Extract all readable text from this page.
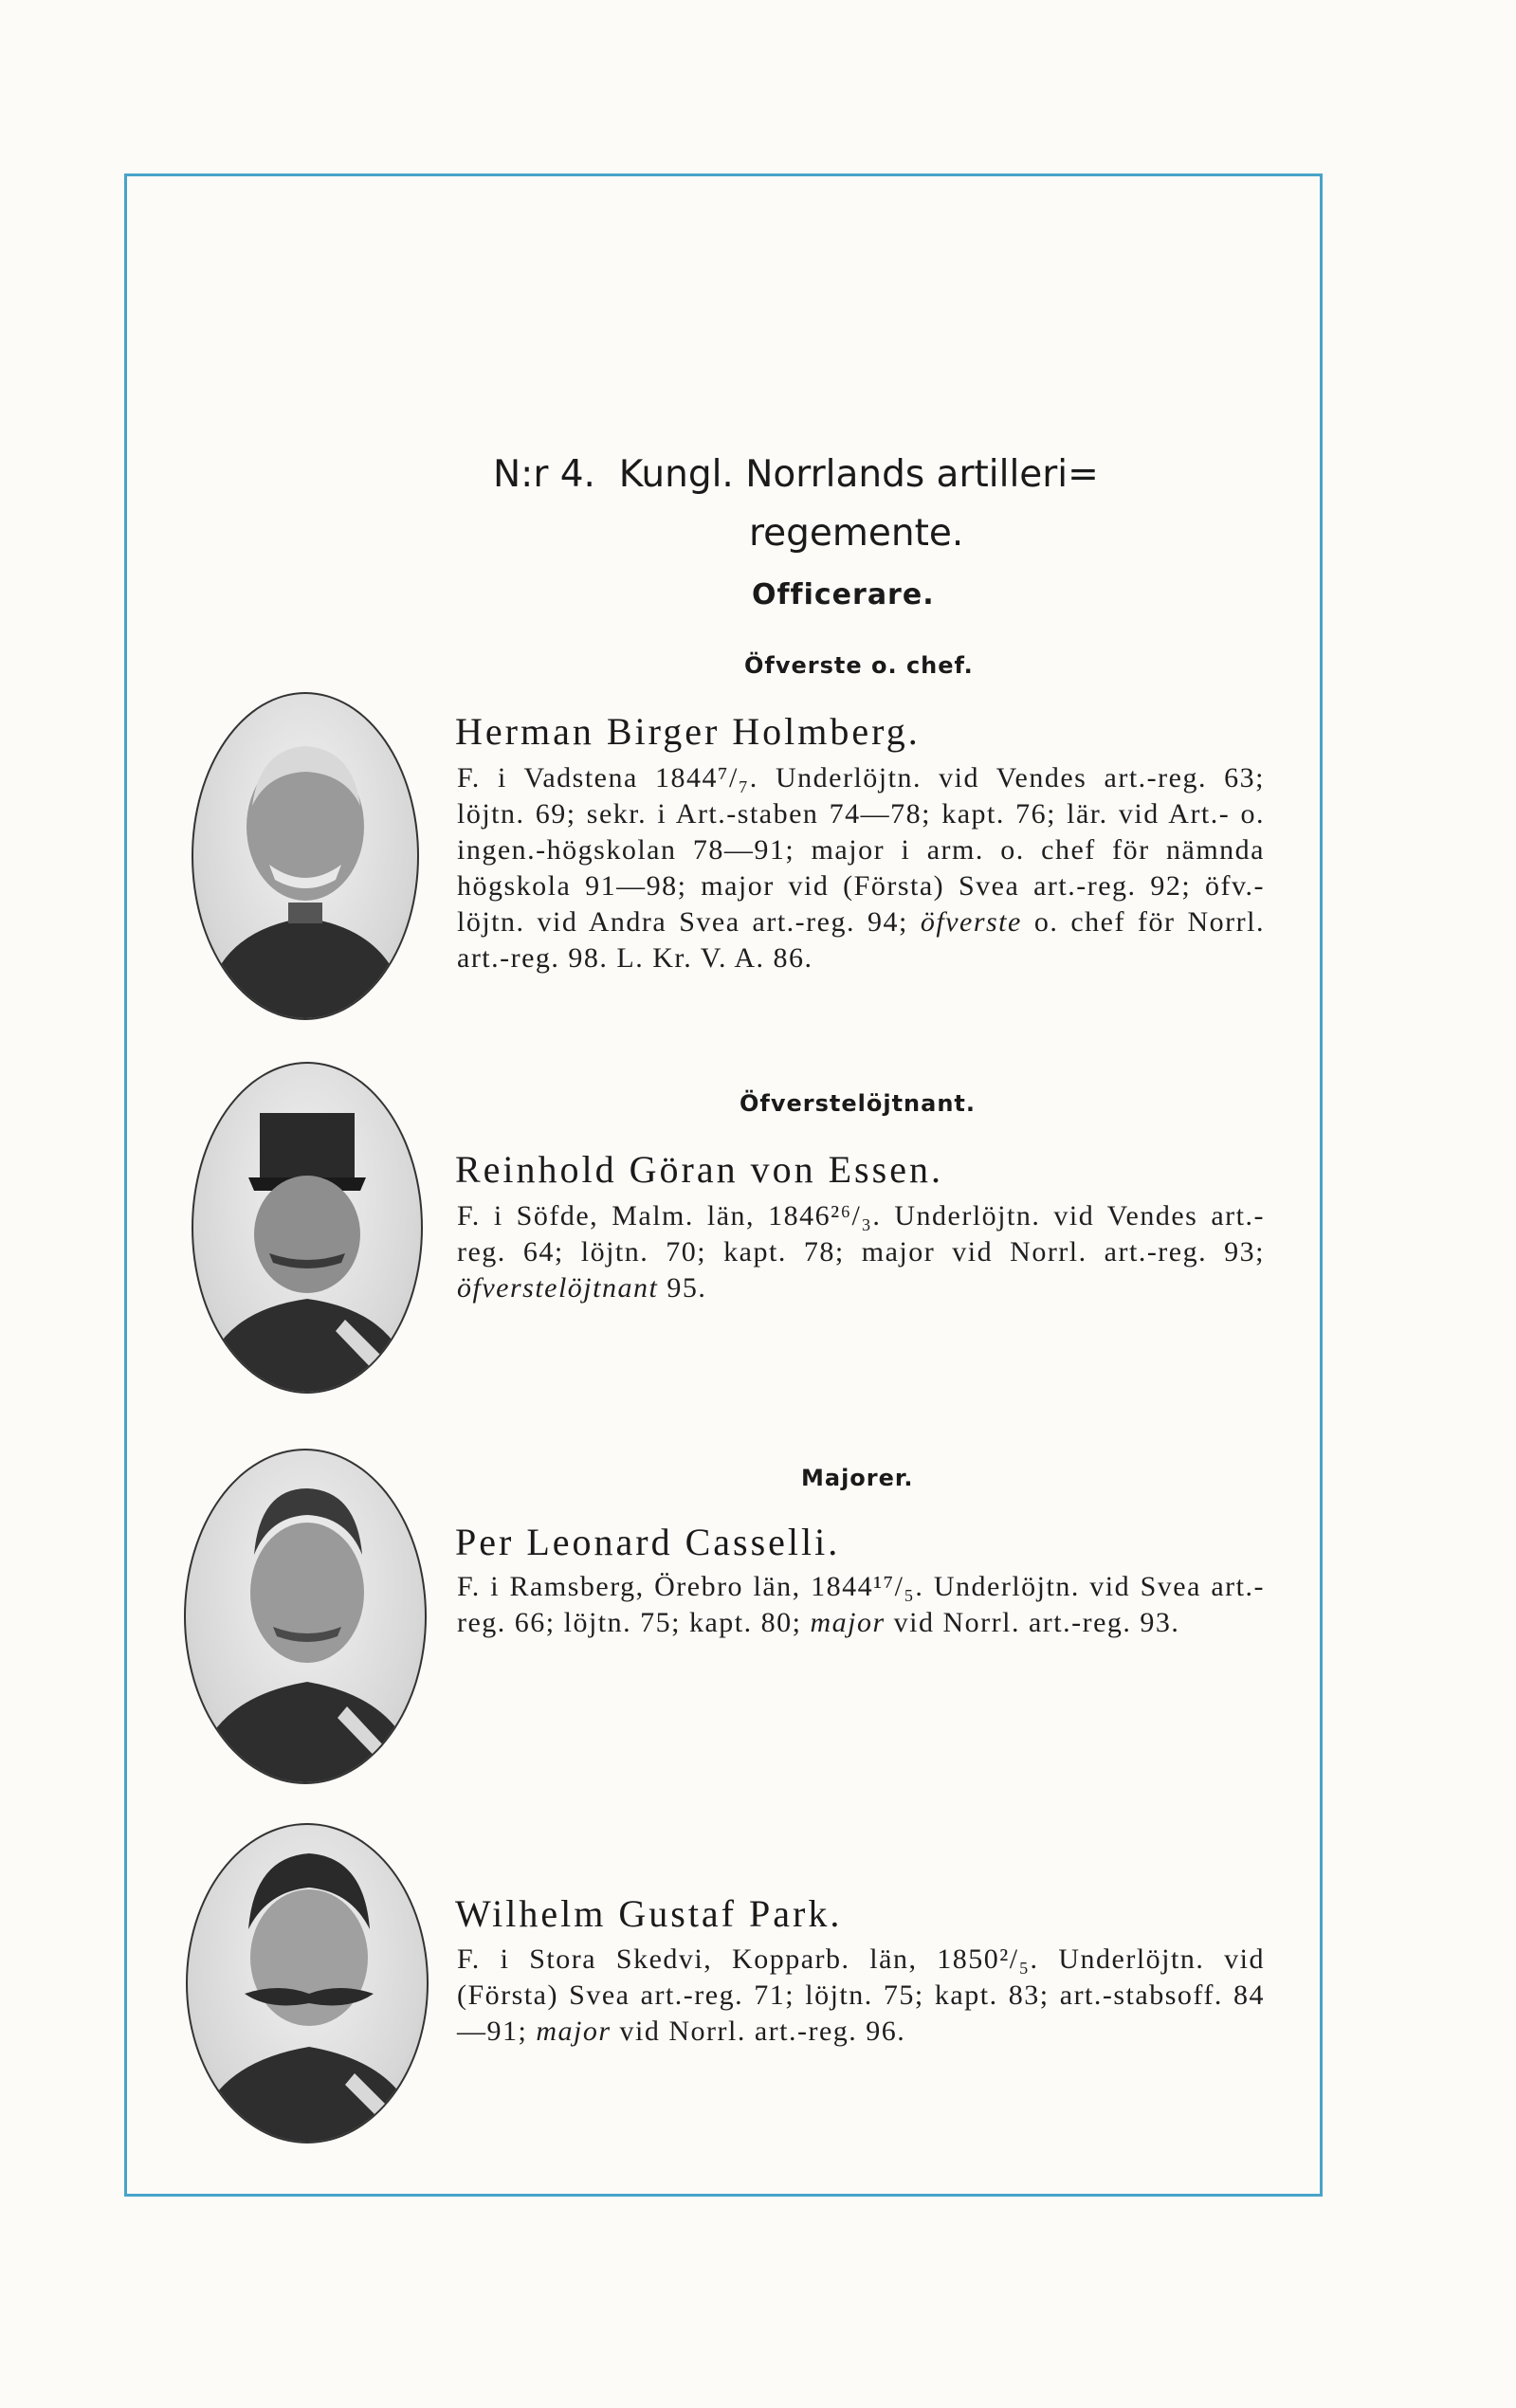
N:r 4.  Kungl. Norrlands artilleri=
regemente.
Officerare.
Öfverste o. chef.
Herman Birger Holmberg.
F. i Vadstena 1844⁷/₇. Underlöjtn. vid Vendes art.-reg. 63; löjtn. 69; sekr. i Art.-staben 74—78; kapt. 76; lär. vid Art.- o. ingen.-högskolan 78—91; major i arm. o. chef för nämnda högskola 91—98; major vid (Första) Svea art.-reg. 92; öfv.-löjtn. vid Andra Svea art.-reg. 94; öfverste o. chef för Norrl. art.-reg. 98. L. Kr. V. A. 86.
Öfverstelöjtnant.
Reinhold Göran von Essen.
F. i Söfde, Malm. län, 1846²⁶/₃. Underlöjtn. vid Vendes art.-reg. 64; löjtn. 70; kapt. 78; major vid Norrl. art.-reg. 93; öfverstelöjtnant 95.
Majorer.
Per Leonard Casselli.
F. i Ramsberg, Örebro län, 1844¹⁷/₅. Underlöjtn. vid Svea art.-reg. 66; löjtn. 75; kapt. 80; major vid Norrl. art.-reg. 93.
Wilhelm Gustaf Park.
F. i Stora Skedvi, Kopparb. län, 1850²/₅. Underlöjtn. vid (Första) Svea art.-reg. 71; löjtn. 75; kapt. 83; art.-stabsoff. 84—91; major vid Norrl. art.-reg. 96.
